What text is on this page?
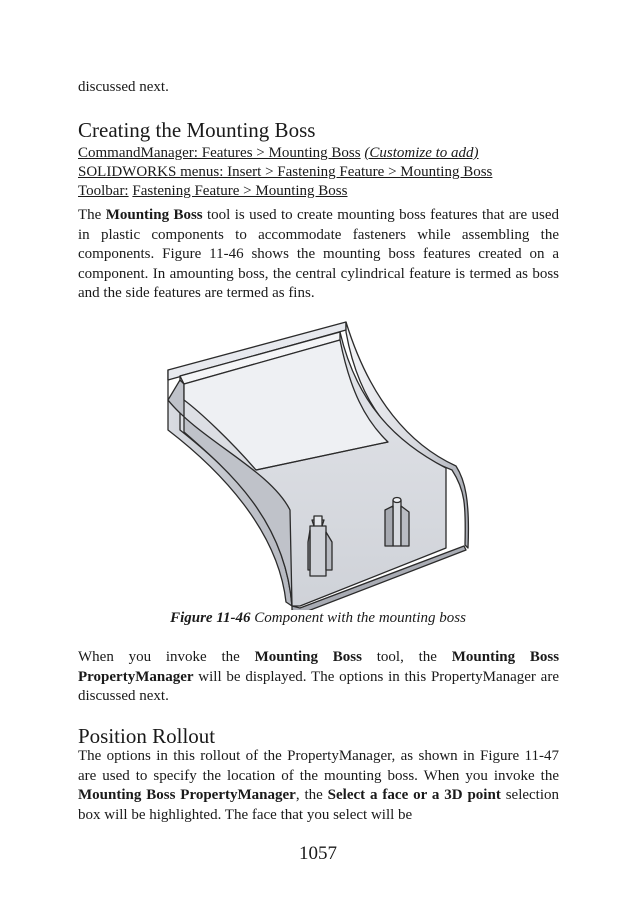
discussed next.

Creating the Mounting Boss

CommandManager: Features > Mounting Boss (Customize to add)

SOLIDWORKS menus: Insert > Fastening Feature > Mounting Boss

Toolbar: Fastening Feature > Mounting Boss

The Mounting Boss tool is used to create mounting boss features that are used in plastic components to accommodate fasteners while assembling the components. Figure 11-46 shows the mounting boss features created on a component. In amounting boss, the central cylindrical feature is termed as boss and the side features are termed as fins.

Figure 11-46 Component with the mounting boss

When you invoke the Mounting Boss tool, the Mounting Boss PropertyManager will be displayed. The options in this PropertyManager are discussed next.

Position Rollout

The options in this rollout of the PropertyManager, as shown in Figure 11-47 are used to specify the location of the mounting boss. When you invoke the Mounting Boss PropertyManager, the Select a face or a 3D point selection box will be highlighted. The face that you select will be

1057
